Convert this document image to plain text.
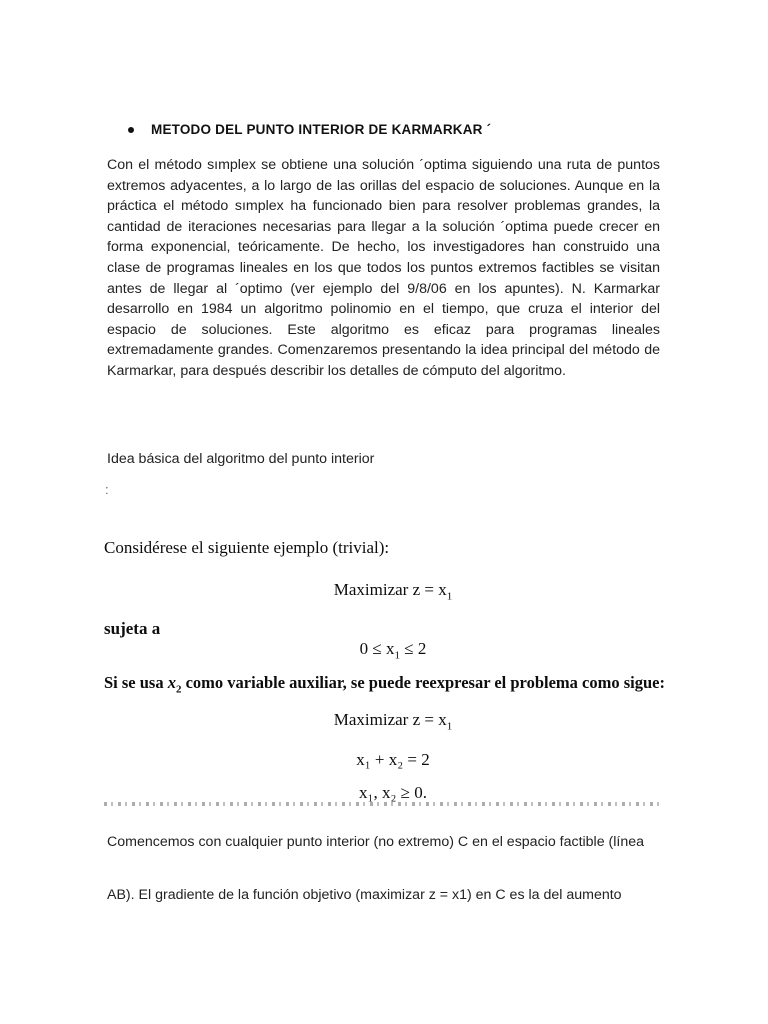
METODO DEL PUNTO INTERIOR DE KARMARKAR ´
Con el método sımplex se obtiene una solución ´optima siguiendo una ruta de puntos extremos adyacentes, a lo largo de las orillas del espacio de soluciones. Aunque en la práctica el método sımplex ha funcionado bien para resolver problemas grandes, la cantidad de iteraciones necesarias para llegar a la solución ´optima puede crecer en forma exponencial, teóricamente. De hecho, los investigadores han construido una clase de programas lineales en los que todos los puntos extremos factibles se visitan antes de llegar al ´optimo (ver ejemplo del 9/8/06 en los apuntes). N. Karmarkar desarrollo en 1984 un algoritmo polinomio en el tiempo, que cruza el interior del espacio de soluciones. Este algoritmo es eficaz para programas lineales extremadamente grandes. Comenzaremos presentando la idea principal del método de Karmarkar, para después describir los detalles de cómputo del algoritmo.
Idea básica del algoritmo del punto interior
:
Considérese el siguiente ejemplo (trivial):
Maximizar $z = x_1$
sujeta a
$0 \le x_1 \le 2$
Si se usa $x_2$ como variable auxiliar, se puede reexpresar el problema como sigue:
Maximizar $z = x_1$
x₁ + x₂ = 2
x₁, x₂ ≥ 0.
Comencemos con cualquier punto interior (no extremo) C en el espacio factible (línea
AB). El gradiente de la función objetivo (maximizar z = x1) en C es la del aumento
